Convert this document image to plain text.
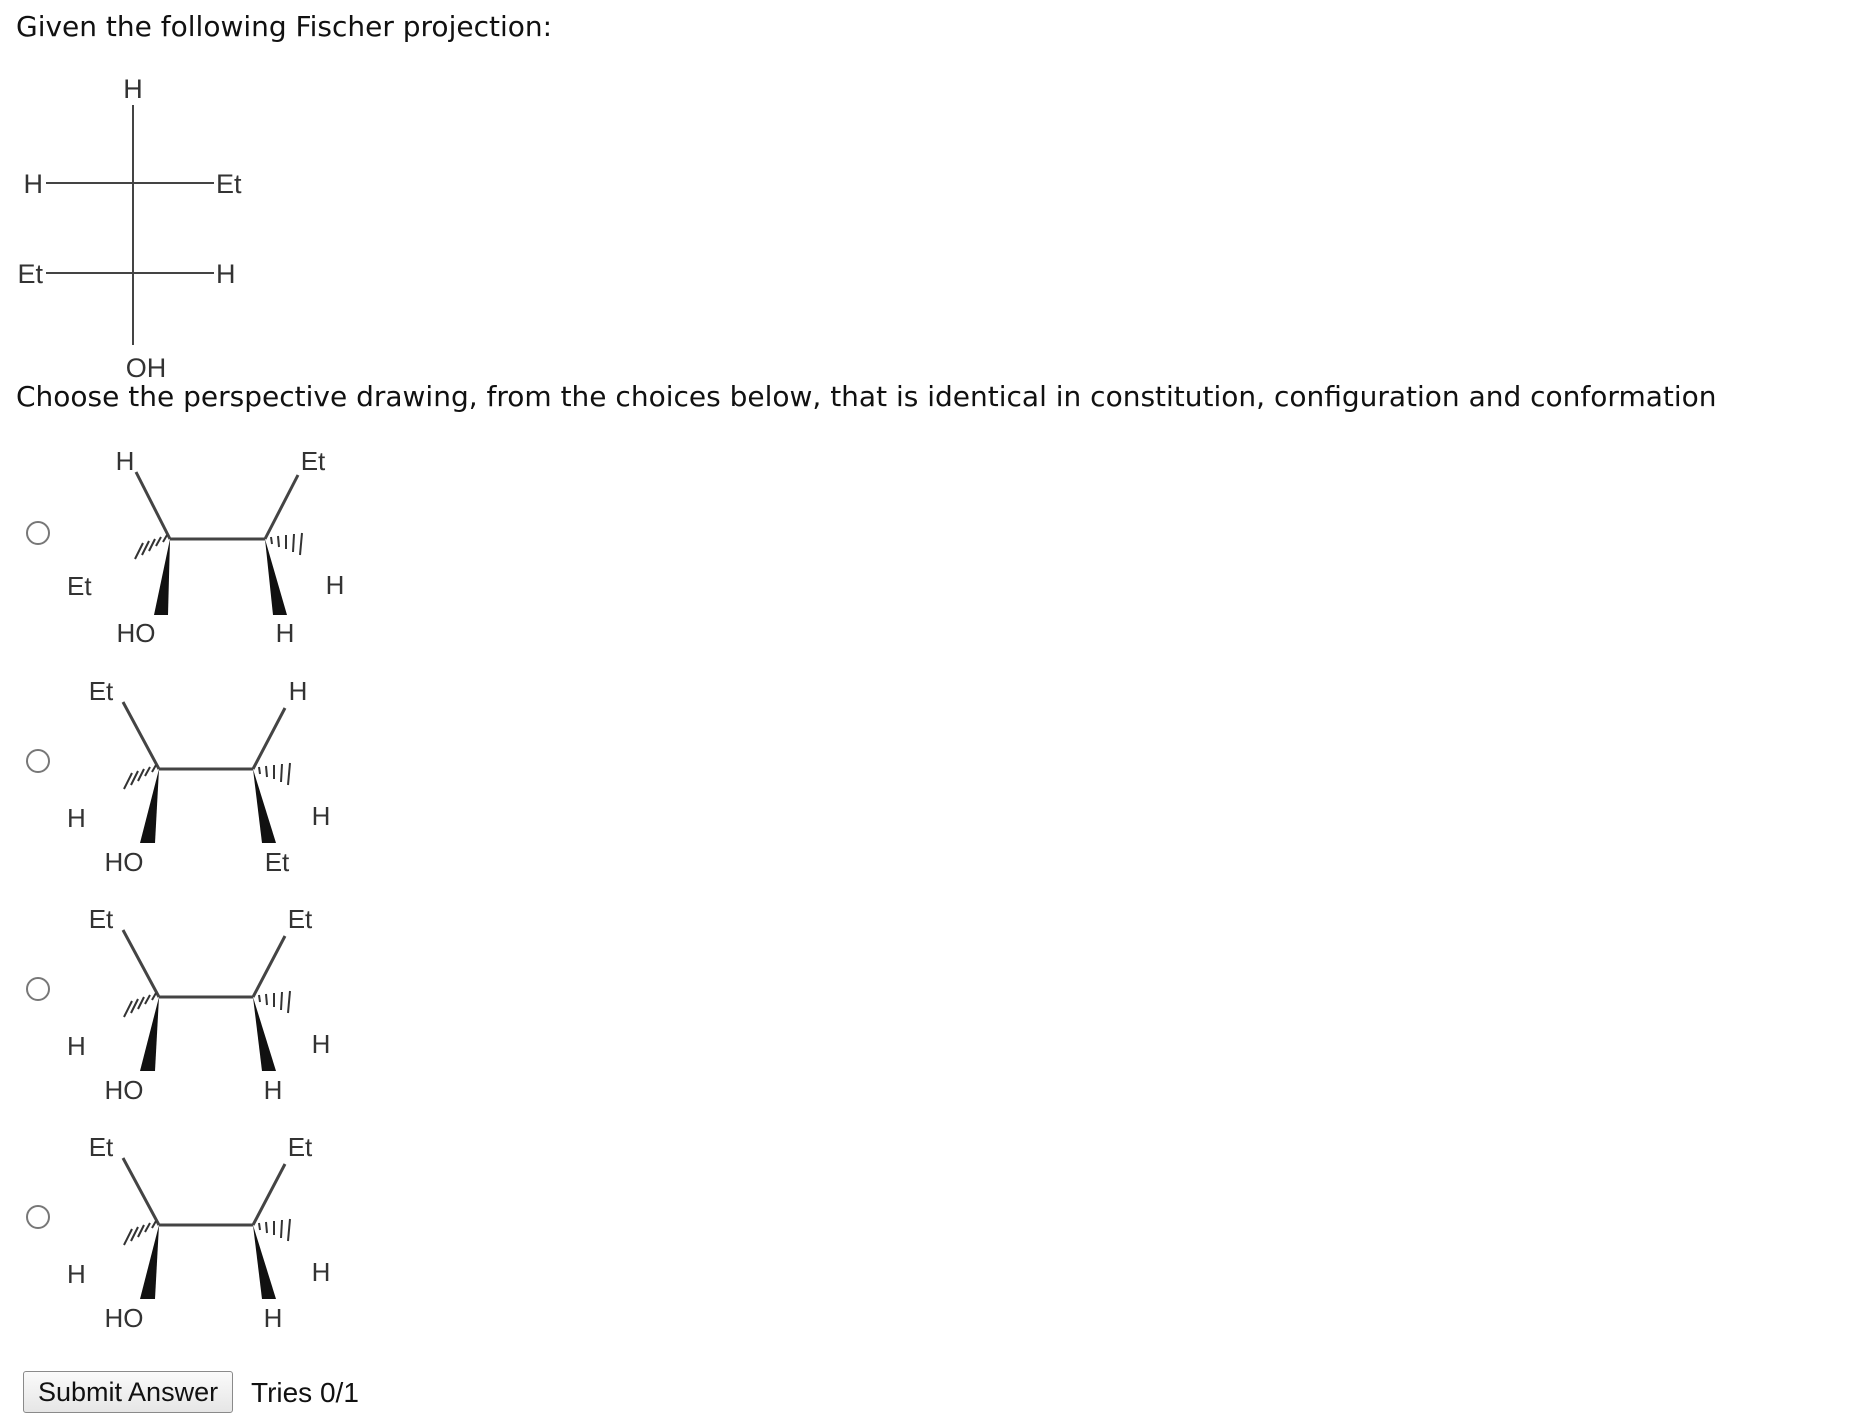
Given the following Fischer projection:
H
H	Et
Et	H
OH
Choose the perspective drawing, from the choices below, that is identical in constitution, configuration and conformation
H
Et
HO
Et
H
H
Et
H
HO
H
H
Et
Et
H
HO
Et
H
H
Et
H
HO
Et
H
H
Submit Answer	Tries 0/1
